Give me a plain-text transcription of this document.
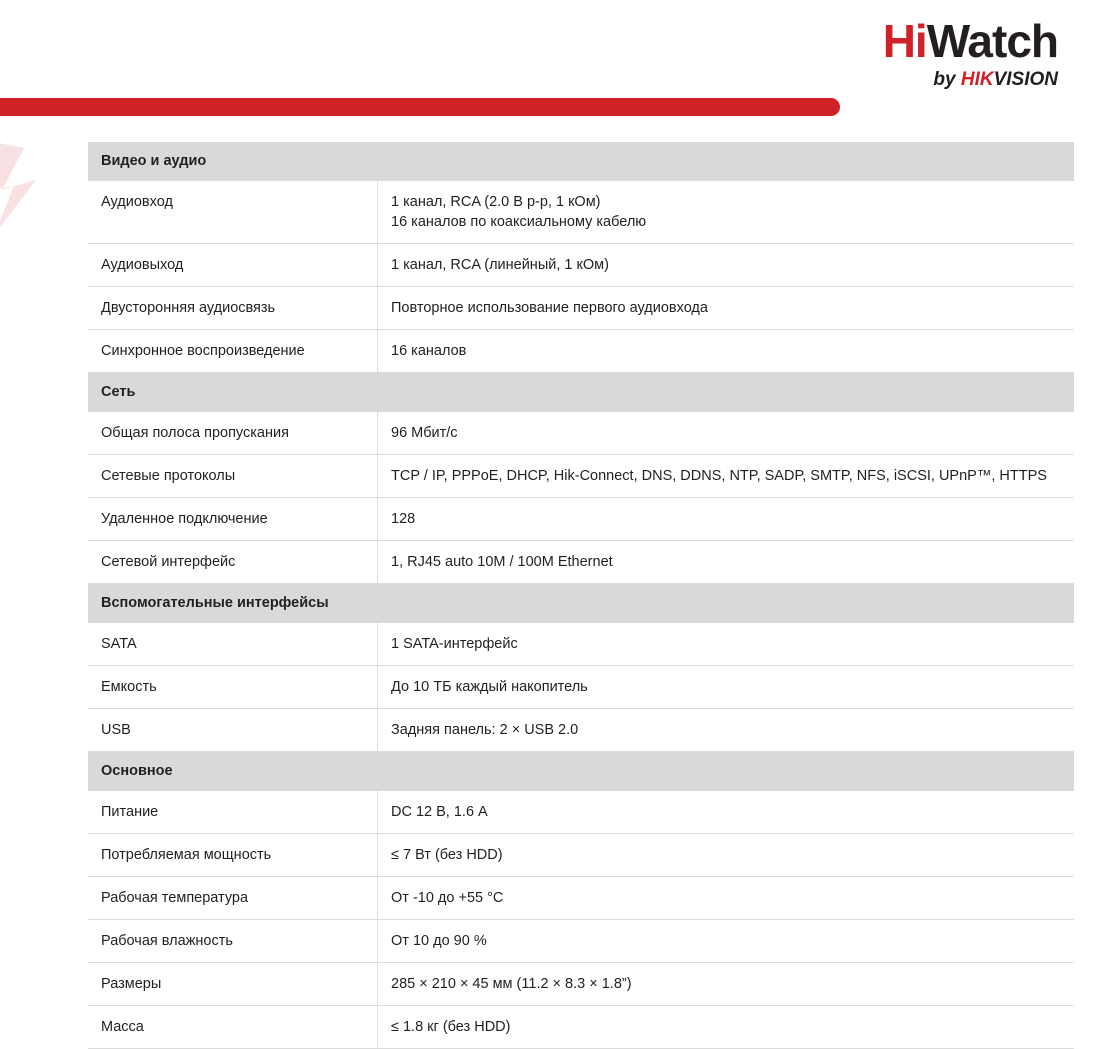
HiWatch
by HIKVISION
Видео и аудио	
Аудиовход	1 канал, RCA (2.0 В p-p, 1 кОм)
16 каналов по коаксиальному кабелю

Аудиовыход	1 канал, RCA (линейный, 1 кОм)
Двусторонняя аудиосвязь	Повторное использование первого аудиовхода
Синхронное воспроизведение	16 каналов
Сеть	
Общая полоса пропускания	96 Мбит/с
Сетевые протоколы	TCP / IP, PPPoE, DHCP, Hik-Connect, DNS, DDNS, NTP, SADP, SMTP, NFS, iSCSI, UPnP™, HTTPS
Удаленное подключение	128
Сетевой интерфейс	1, RJ45 auto 10M / 100M Ethernet
Вспомогательные интерфейсы	
SATA	1 SATA-интерфейс
Емкость	До 10 ТБ каждый накопитель
USB	Задняя панель: 2 × USB 2.0
Основное	
Питание	DC 12 В, 1.6 А
Потребляемая мощность	≤ 7 Вт (без HDD)
Рабочая температура	От -10 до +55 °C
Рабочая влажность	От 10 до 90 %
Размеры	285 × 210 × 45 мм (11.2 × 8.3 × 1.8”)
Масса	≤ 1.8 кг (без HDD)
